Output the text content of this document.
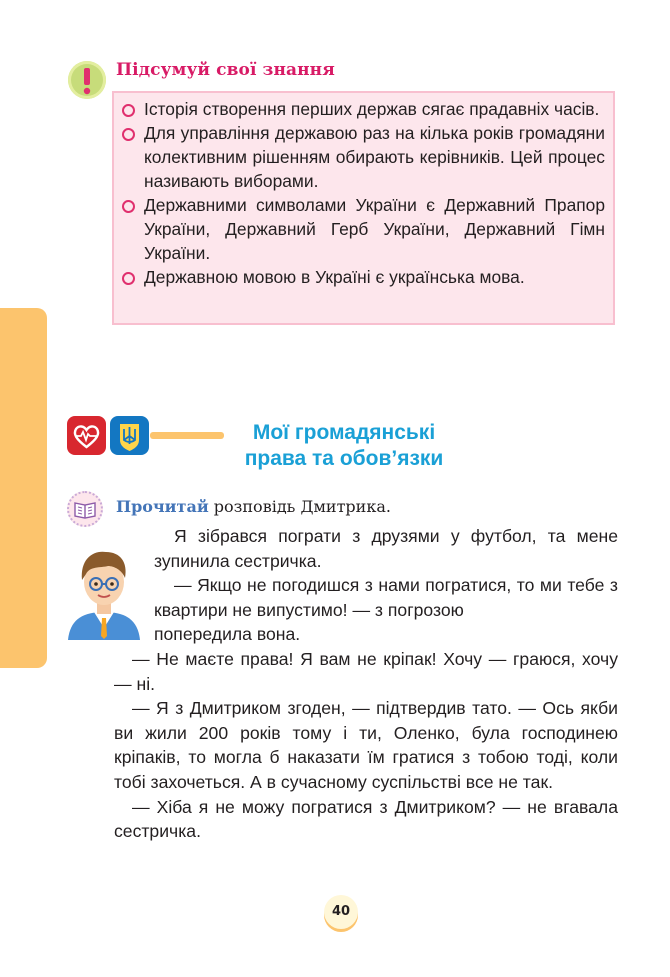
Підсумуй свої знання
Історія створення перших держав сягає прадавніх часів.
Для управління державою раз на кілька років громадяни колективним рішенням обирають керівників. Цей процес називають виборами.
Державними символами України є Державний Прапор України, Державний Герб України, Державний Гімн України.
Державною мовою в Україні є українська мова.
Мої громадянські
права та обов’язки
Прочитай розповідь Дмитрика.

Я зібрався пограти з друзями у футбол, та мене зупинила сестричка.

— Якщо не погодишся з нами погратися, то ми тебе з квартири не випустимо! — з погрозою

попередила вона.

— Не маєте права! Я вам не кріпак! Хочу — граюся, хочу — ні.

— Я з Дмитриком згоден, — підтвердив тато. — Ось якби ви жили 200 років тому і ти, Оленко, була господинею кріпаків, то могла б наказати їм гратися з тобою тоді, коли тобі захочеться. А в сучасному суспільстві все не так.

— Хіба я не можу погратися з Дмитриком? — не вгавала сестричка.

40
